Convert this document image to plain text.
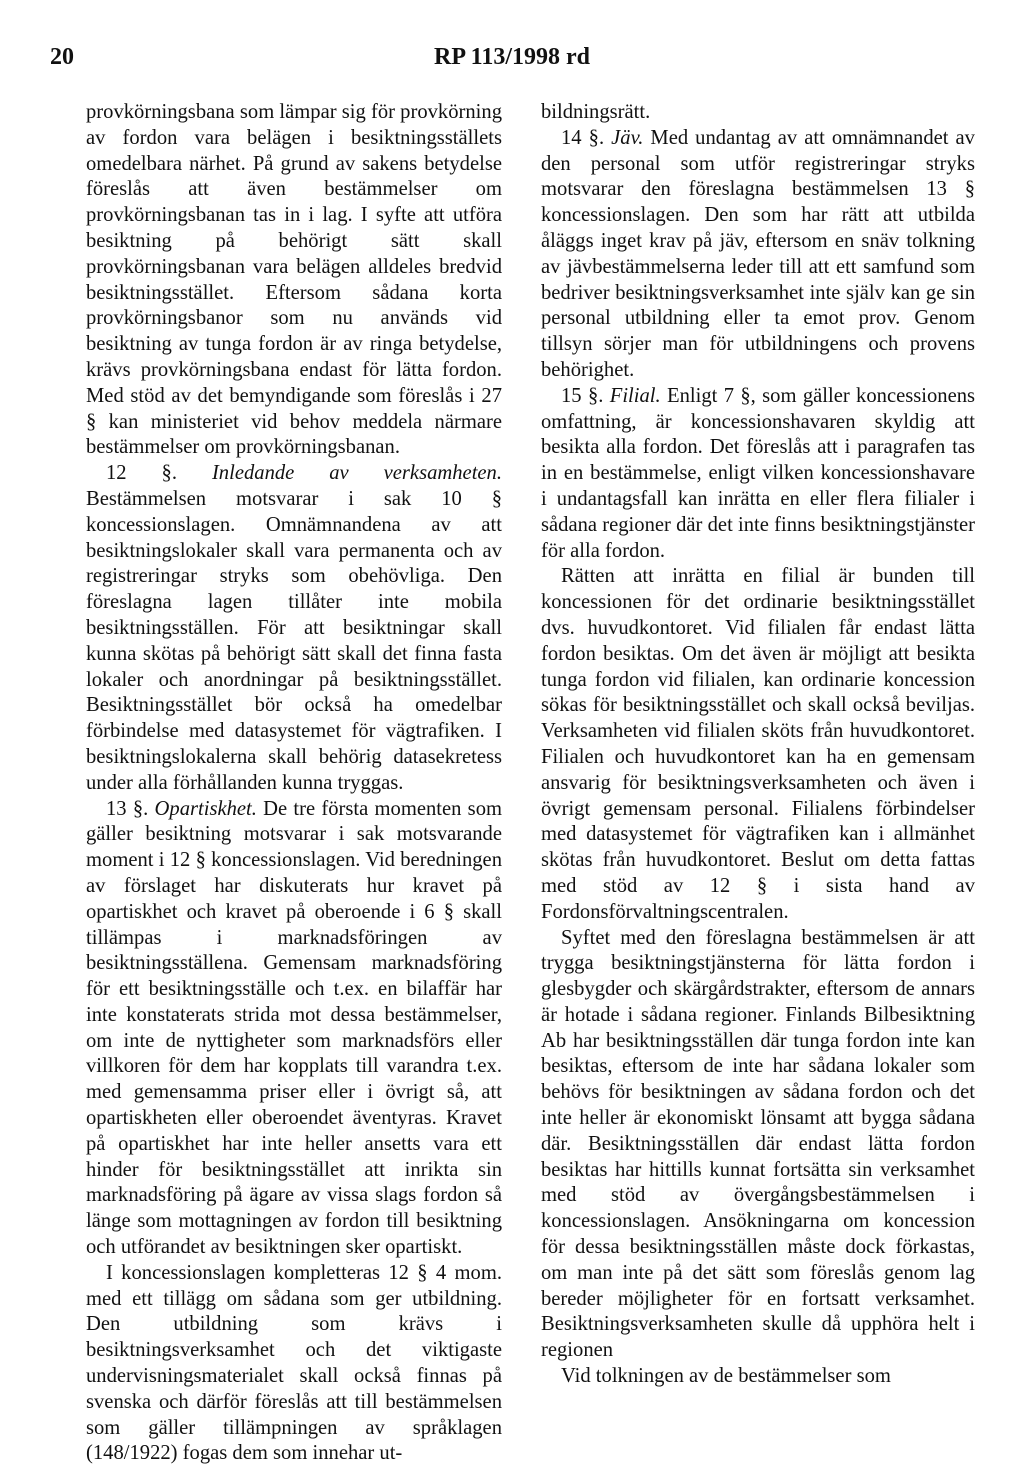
20	RP 113/1998 rd

provkörningsbana som lämpar sig för provkörning av fordon vara belägen i besiktningsställets omedelbara närhet. På grund av sakens betydelse föreslås att även bestämmelser om provkörningsbanan tas in i lag. I syfte att utföra besiktning på behörigt sätt skall provkörningsbanan vara belägen alldeles bredvid besiktningsstället. Eftersom sådana korta provkörningsbanor som nu används vid besiktning av tunga fordon är av ringa betydelse, krävs provkörningsbana endast för lätta fordon. Med stöd av det bemyndigande som föreslås i 27 § kan ministeriet vid behov meddela närmare bestämmelser om provkörningsbanan.

12 §. Inledande av verksamheten. Bestämmelsen motsvarar i sak 10 § koncessionslagen. Omnämnandena av att besiktningslokaler skall vara permanenta och av registreringar stryks som obehövliga. Den föreslagna lagen tillåter inte mobila besiktningsställen. För att besiktningar skall kunna skötas på behörigt sätt skall det finna fasta lokaler och anordningar på besiktningsstället. Besiktningsstället bör också ha omedelbar förbindelse med datasystemet för vägtrafiken. I besiktningslokalerna skall behörig datasekretess under alla förhållanden kunna tryggas.

13 §. Opartiskhet. De tre första momenten som gäller besiktning motsvarar i sak motsvarande moment i 12 § koncessionslagen. Vid beredningen av förslaget har diskuterats hur kravet på opartiskhet och kravet på oberoende i 6 § skall tillämpas i marknadsföringen av besiktningsställena. Gemensam marknadsföring för ett besiktningsställe och t.ex. en bilaffär har inte konstaterats strida mot dessa bestämmelser, om inte de nyttigheter som marknadsförs eller villkoren för dem har kopplats till varandra t.ex. med gemensamma priser eller i övrigt så, att opartiskheten eller oberoendet äventyras. Kravet på opartiskhet har inte heller ansetts vara ett hinder för besiktningsstället att inrikta sin marknadsföring på ägare av vissa slags fordon så länge som mottagningen av fordon till besiktning och utförandet av besiktningen sker opartiskt.

I koncessionslagen kompletteras 12 § 4 mom. med ett tillägg om sådana som ger utbildning. Den utbildning som krävs i besiktningsverksamhet och det viktigaste undervisningsmaterialet skall också finnas på svenska och därför föreslås att till bestämmelsen som gäller tillämpningen av språklagen (148/1922) fogas dem som innehar ut-

bildningsrätt.

14 §. Jäv. Med undantag av att omnämnandet av den personal som utför registreringar stryks motsvarar den föreslagna bestämmelsen 13 § koncessionslagen. Den som har rätt att utbilda åläggs inget krav på jäv, eftersom en snäv tolkning av jävbestämmelserna leder till att ett samfund som bedriver besiktningsverksamhet inte själv kan ge sin personal utbildning eller ta emot prov. Genom tillsyn sörjer man för utbildningens och provens behörighet.

15 §. Filial. Enligt 7 §, som gäller koncessionens omfattning, är koncessionshavaren skyldig att besikta alla fordon. Det föreslås att i paragrafen tas in en bestämmelse, enligt vilken koncessionshavare i undantagsfall kan inrätta en eller flera filialer i sådana regioner där det inte finns besiktningstjänster för alla fordon.

Rätten att inrätta en filial är bunden till koncessionen för det ordinarie besiktningsstället dvs. huvudkontoret. Vid filialen får endast lätta fordon besiktas. Om det även är möjligt att besikta tunga fordon vid filialen, kan ordinarie koncession sökas för besiktningsstället och skall också beviljas. Verksamheten vid filialen sköts från huvudkontoret. Filialen och huvudkontoret kan ha en gemensam ansvarig för besiktningsverksamheten och även i övrigt gemensam personal. Filialens förbindelser med datasystemet för vägtrafiken kan i allmänhet skötas från huvudkontoret. Beslut om detta fattas med stöd av 12 § i sista hand av Fordonsförvaltningscentralen.

Syftet med den föreslagna bestämmelsen är att trygga besiktningstjänsterna för lätta fordon i glesbygder och skärgårdstrakter, eftersom de annars är hotade i sådana regioner. Finlands Bilbesiktning Ab har besiktningsställen där tunga fordon inte kan besiktas, eftersom de inte har sådana lokaler som behövs för besiktningen av sådana fordon och det inte heller är ekonomiskt lönsamt att bygga sådana där. Besiktningsställen där endast lätta fordon besiktas har hittills kunnat fortsätta sin verksamhet med stöd av övergångsbestämmelsen i koncessionslagen. Ansökningarna om koncession för dessa besiktningsställen måste dock förkastas, om man inte på det sätt som föreslås genom lag bereder möjligheter för en fortsatt verksamhet. Besiktningsverksamheten skulle då upphöra helt i regionen

Vid tolkningen av de bestämmelser som
